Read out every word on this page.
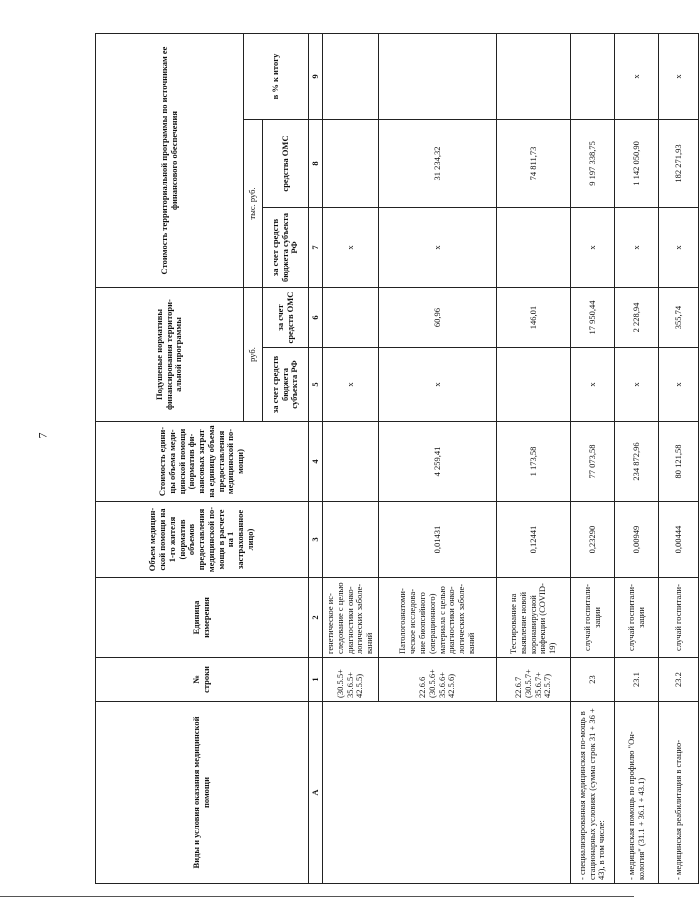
7
Виды и условия оказания медицинской помощи	№ строки	Единица измерения	Объем медицин-ской помощи на 1-го жителя (норматив объемов предоставления медицинской по-мощи в расчете на 1 застрахованное лицо)	Стоимость едини-цы объема меди-цинской помощи (норматив фи-нансовых затрат на единицу объема предоставления медицинской по-мощи)	Подушевые нормативы финансирования территори-альной программы		Стоимость территориальной программы по источникам ее финансового обеспечения		
					руб.		тыс. руб.		в % к итогу
					за счет средств бюджета субъекта РФ	за счет средств ОМС	за счет средств бюджета субъекта РФ	средства ОМС	
А	1	2	3	4	5	6	7	8	9
	(30.5.5+ 35.6.5+ 42.5.5)	генетическое ис-следование с целью диагностики онко-логических заболе-ваний			х		х		
	22.6.6 (30.5.6+ 35.6.6+ 42.5.6)	Патологоанатоми-ческое исследова-ние биопсийного (операционного) материала с целью диагностики онко-логических заболе-ваний	0,01431	4 259,41	х	60,96	х	31 234,32	
	22.6.7 (30.5.7+ 35.6.7+ 42.5.7)	Тестирование на выявление новой коронавирусной инфекции (COVID-19)	0,12441	1 173,58		146,01		74 811,73	
- специализированная медицинская по-мощь в стационарных условиях (сумма строк 31 + 36 + 43), в том числе:	23	случай госпитали-зации	0,23290	77 073,58	х	17 950,44	х	9 197 338,75	
- медицинская помощь по профилю "Он-кология" (31.1 + 36.1 + 43.1)	23.1	случай госпитали-зации	0,00949	234 872,96	х	2 228,94	х	1 142 050,90	х
- медицинская реабилитация в стацио-	23.2	случай госпитали-	0,00444	80 121,58	х	355,74	х	182 271,93	х
